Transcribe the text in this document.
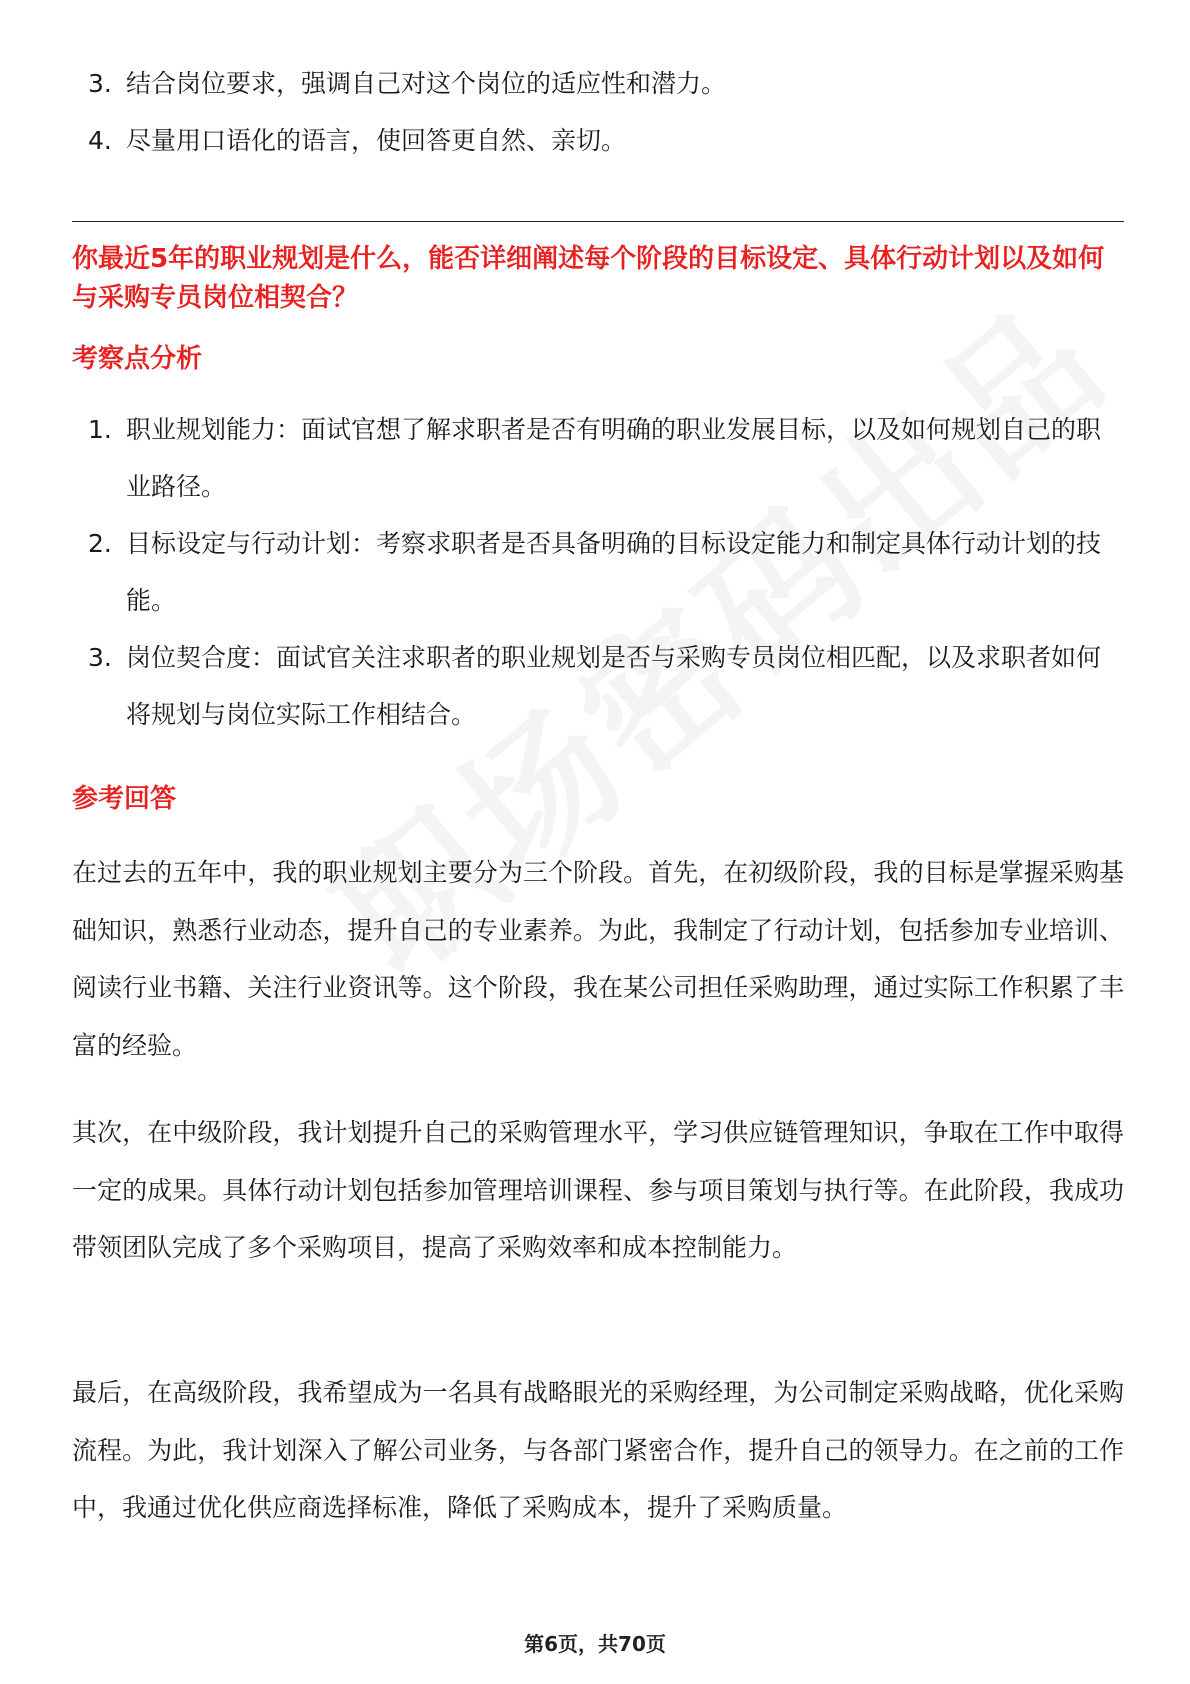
3. 结合岗位要求，强调自己对这个岗位的适应性和潜力。
4. 尽量用口语化的语言，使回答更自然、亲切。
你最近5年的职业规划是什么，能否详细阐述每个阶段的目标设定、具体行动计划以及如何与采购专员岗位相契合？
考察点分析
1. 职业规划能力：面试官想了解求职者是否有明确的职业发展目标，以及如何规划自己的职业路径。
2. 目标设定与行动计划：考察求职者是否具备明确的目标设定能力和制定具体行动计划的技能。
3. 岗位契合度：面试官关注求职者的职业规划是否与采购专员岗位相匹配，以及求职者如何将规划与岗位实际工作相结合。
参考回答

在过去的五年中，我的职业规划主要分为三个阶段。首先，在初级阶段，我的目标是掌握采购基础知识，熟悉行业动态，提升自己的专业素养。为此，我制定了行动计划，包括参加专业培训、阅读行业书籍、关注行业资讯等。这个阶段，我在某公司担任采购助理，通过实际工作积累了丰富的经验。

其次，在中级阶段，我计划提升自己的采购管理水平，学习供应链管理知识，争取在工作中取得一定的成果。具体行动计划包括参加管理培训课程、参与项目策划与执行等。在此阶段，我成功带领团队完成了多个采购项目，提高了采购效率和成本控制能力。

最后，在高级阶段，我希望成为一名具有战略眼光的采购经理，为公司制定采购战略，优化采购流程。为此，我计划深入了解公司业务，与各部门紧密合作，提升自己的领导力。在之前的工作中，我通过优化供应商选择标准，降低了采购成本，提升了采购质量。

第6页，共70页
